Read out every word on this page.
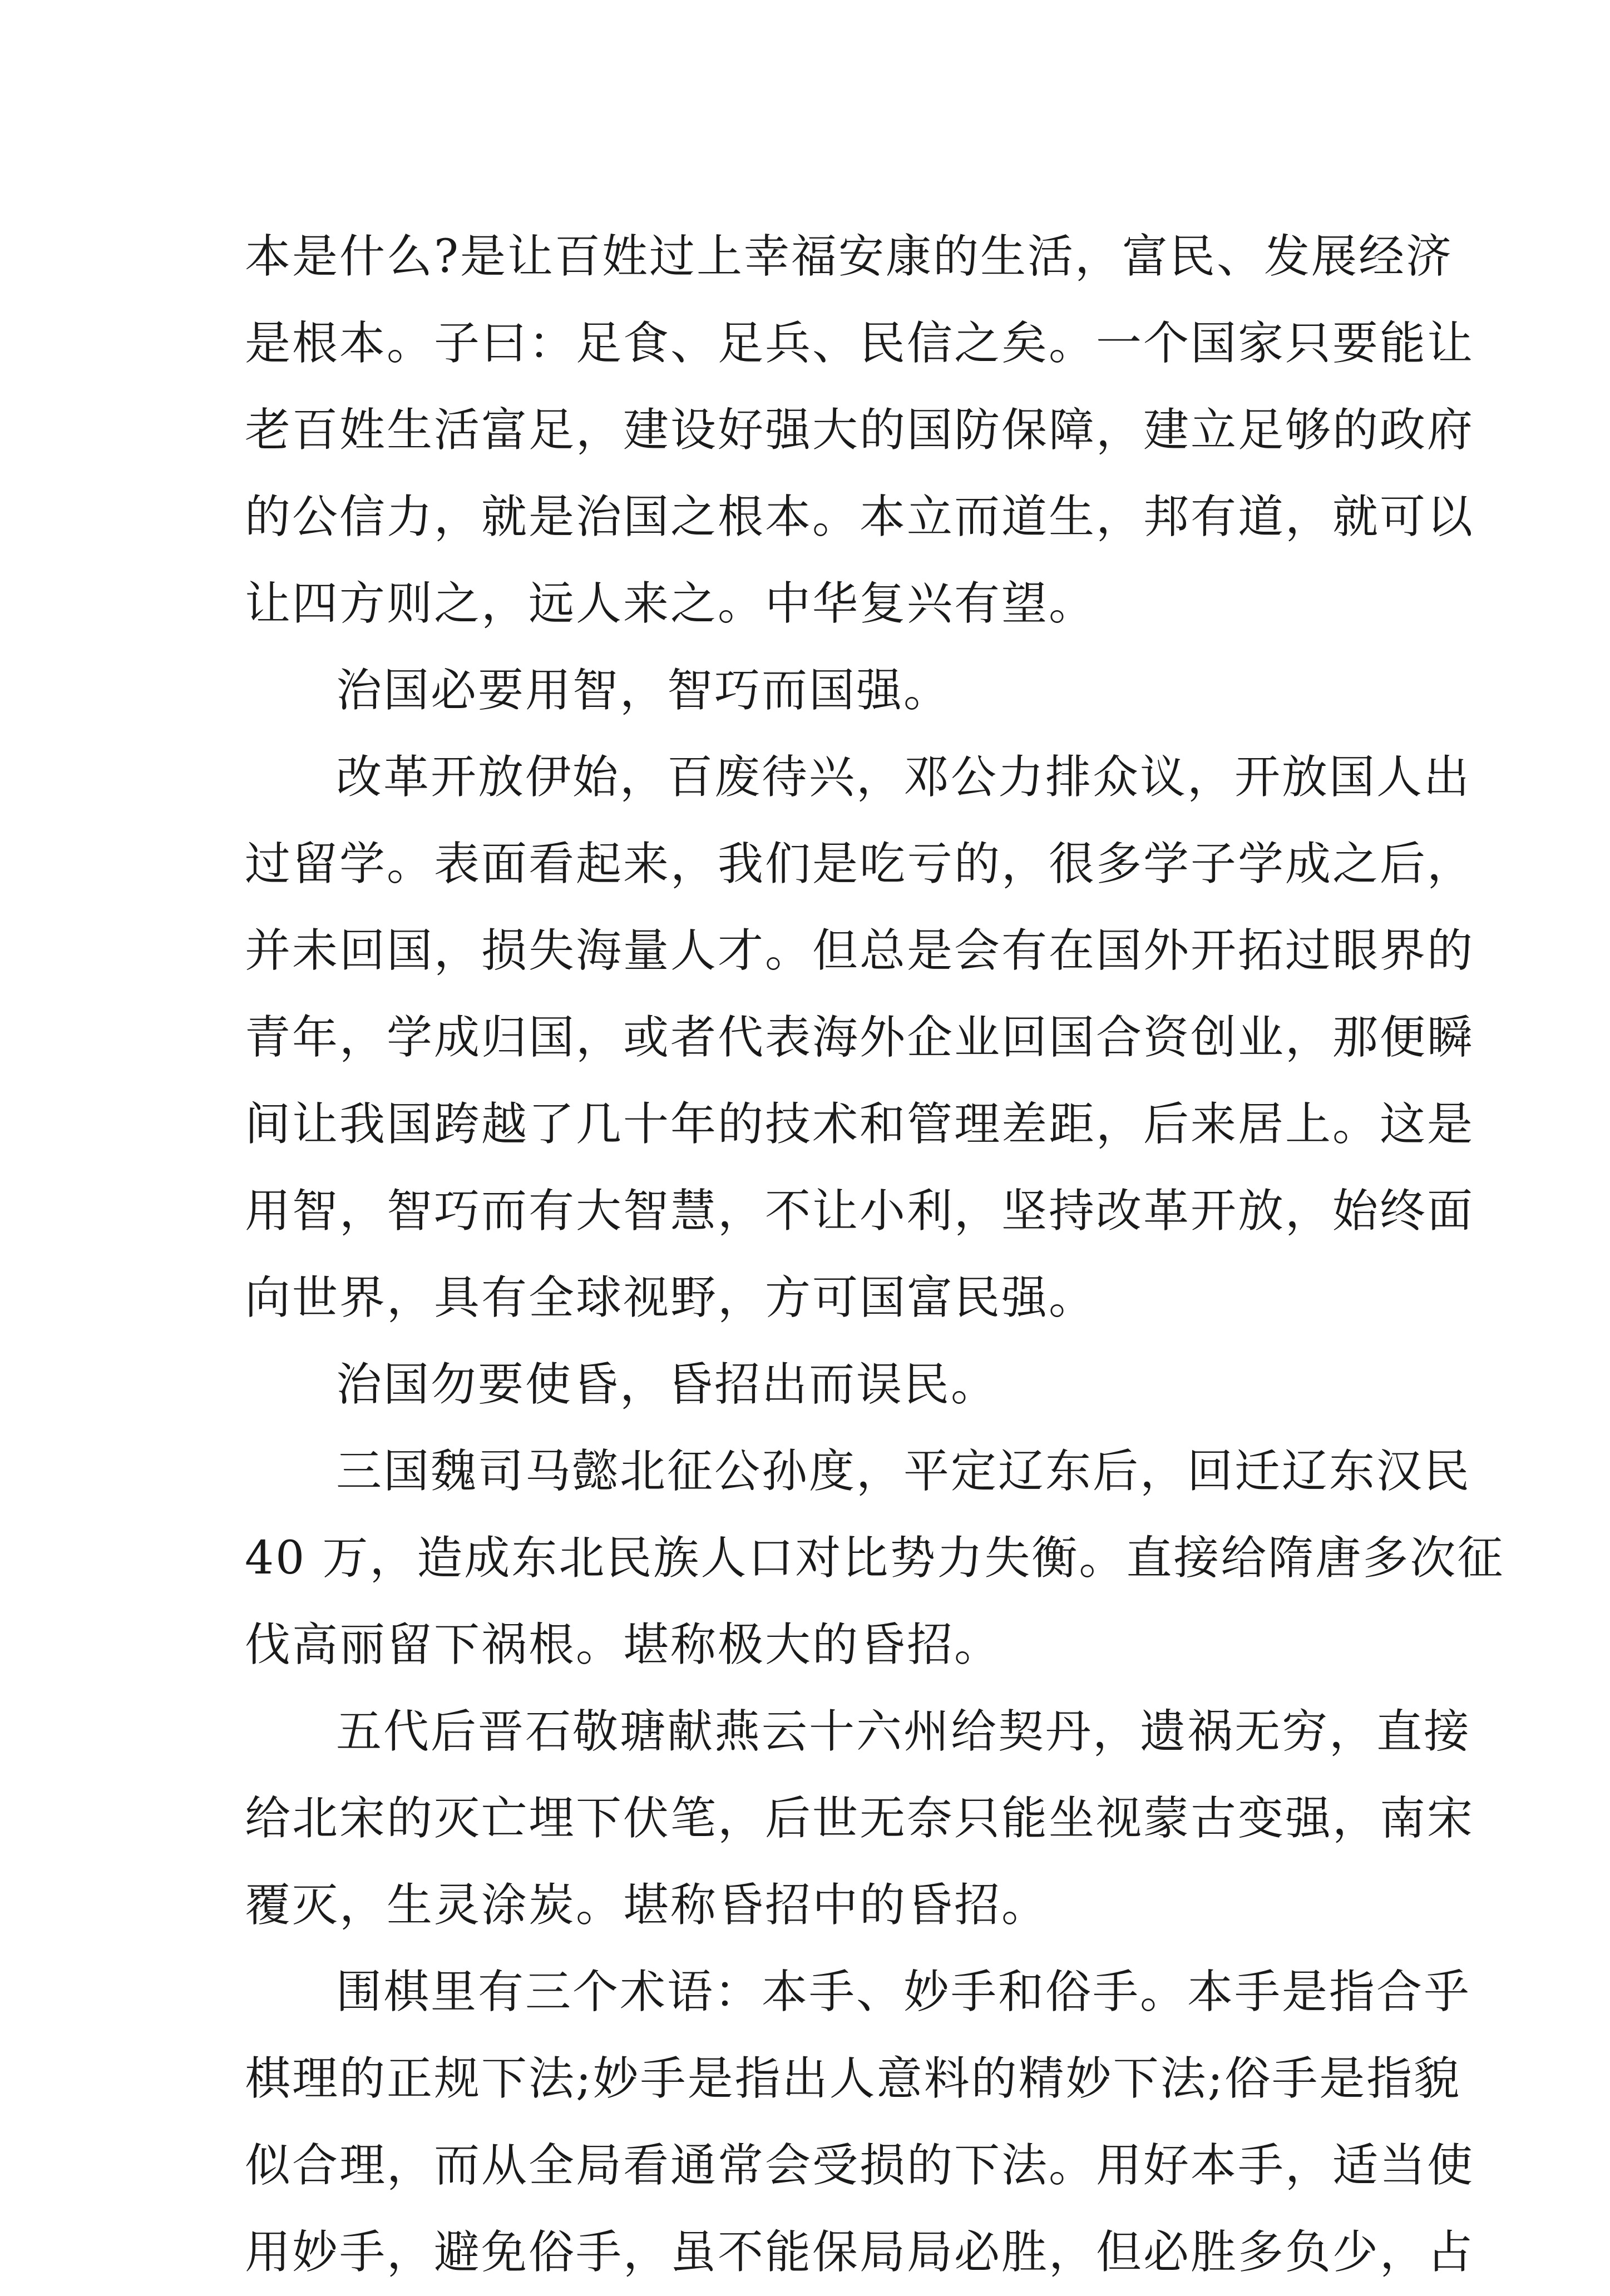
本是什么?是让百姓过上幸福安康的生活，富民、发展经济
是根本。子曰：足食、足兵、民信之矣。一个国家只要能让
老百姓生活富足，建设好强大的国防保障，建立足够的政府
的公信力，就是治国之根本。本立而道生，邦有道，就可以
让四方则之，远人来之。中华复兴有望。
治国必要用智，智巧而国强。
改革开放伊始，百废待兴，邓公力排众议，开放国人出
过留学。表面看起来，我们是吃亏的，很多学子学成之后，
并未回国，损失海量人才。但总是会有在国外开拓过眼界的
青年，学成归国，或者代表海外企业回国合资创业，那便瞬
间让我国跨越了几十年的技术和管理差距，后来居上。这是
用智，智巧而有大智慧，不让小利，坚持改革开放，始终面
向世界，具有全球视野，方可国富民强。
治国勿要使昏，昏招出而误民。
三国魏司马懿北征公孙度，平定辽东后，回迁辽东汉民
40 万，造成东北民族人口对比势力失衡。直接给隋唐多次征
伐高丽留下祸根。堪称极大的昏招。
五代后晋石敬瑭献燕云十六州给契丹，遗祸无穷，直接
给北宋的灭亡埋下伏笔，后世无奈只能坐视蒙古变强，南宋
覆灭，生灵涂炭。堪称昏招中的昏招。
围棋里有三个术语：本手、妙手和俗手。本手是指合乎
棋理的正规下法;妙手是指出人意料的精妙下法;俗手是指貌
似合理，而从全局看通常会受损的下法。用好本手，适当使
用妙手，避免俗手，虽不能保局局必胜，但必胜多负少，占
